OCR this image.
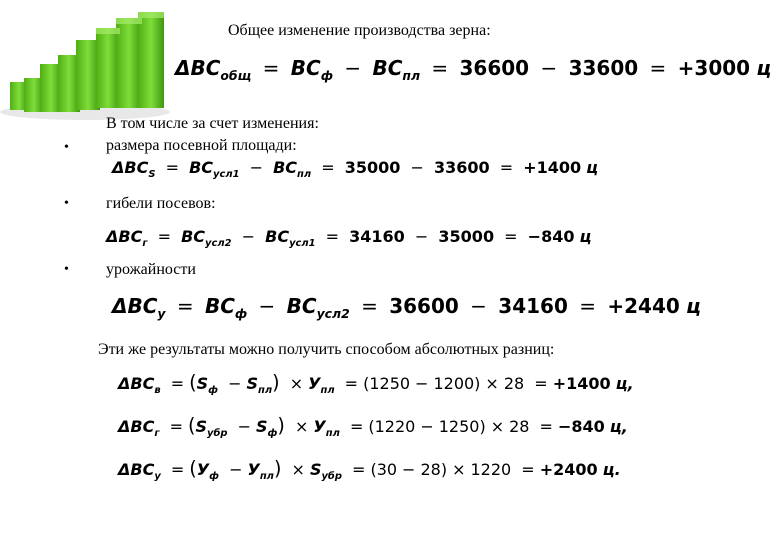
Общее изменение производства зерна:
$\Delta BC_{общ} = BC_ф - BC_{пл} = 36600 - 33600 = +3000$ ц
•
В том числе за счет изменения:
размера посевной площади:
$\Delta BC_S = BC_{усл1} - BC_{пл} = 35000 - 33600 = +1400$ ц
• гибели посевов:
$\Delta BC_г = BC_{усл2} - BC_{усл1} = 34160 - 35000 = -840$ ц
• урожайности
$\Delta BC_у = BC_ф - BC_{усл2} = 36600 - 34160 = +2440$ ц
Эти же результаты можно получить способом абсолютных разниц:
$\Delta BC_в = (S_ф - S_{пл}) \times У_{пл} = (1250 - 1200) \times 28 = +1400$ ц,
$\Delta BC_г = (S_{убр} - S_ф) \times У_{пл} = (1220 - 1250) \times 28 = -840$ ц,
$\Delta BC_у = (У_ф - У_{пл}) \times S_{убр} = (30 - 28) \times 1220 = +2400$ ц.
